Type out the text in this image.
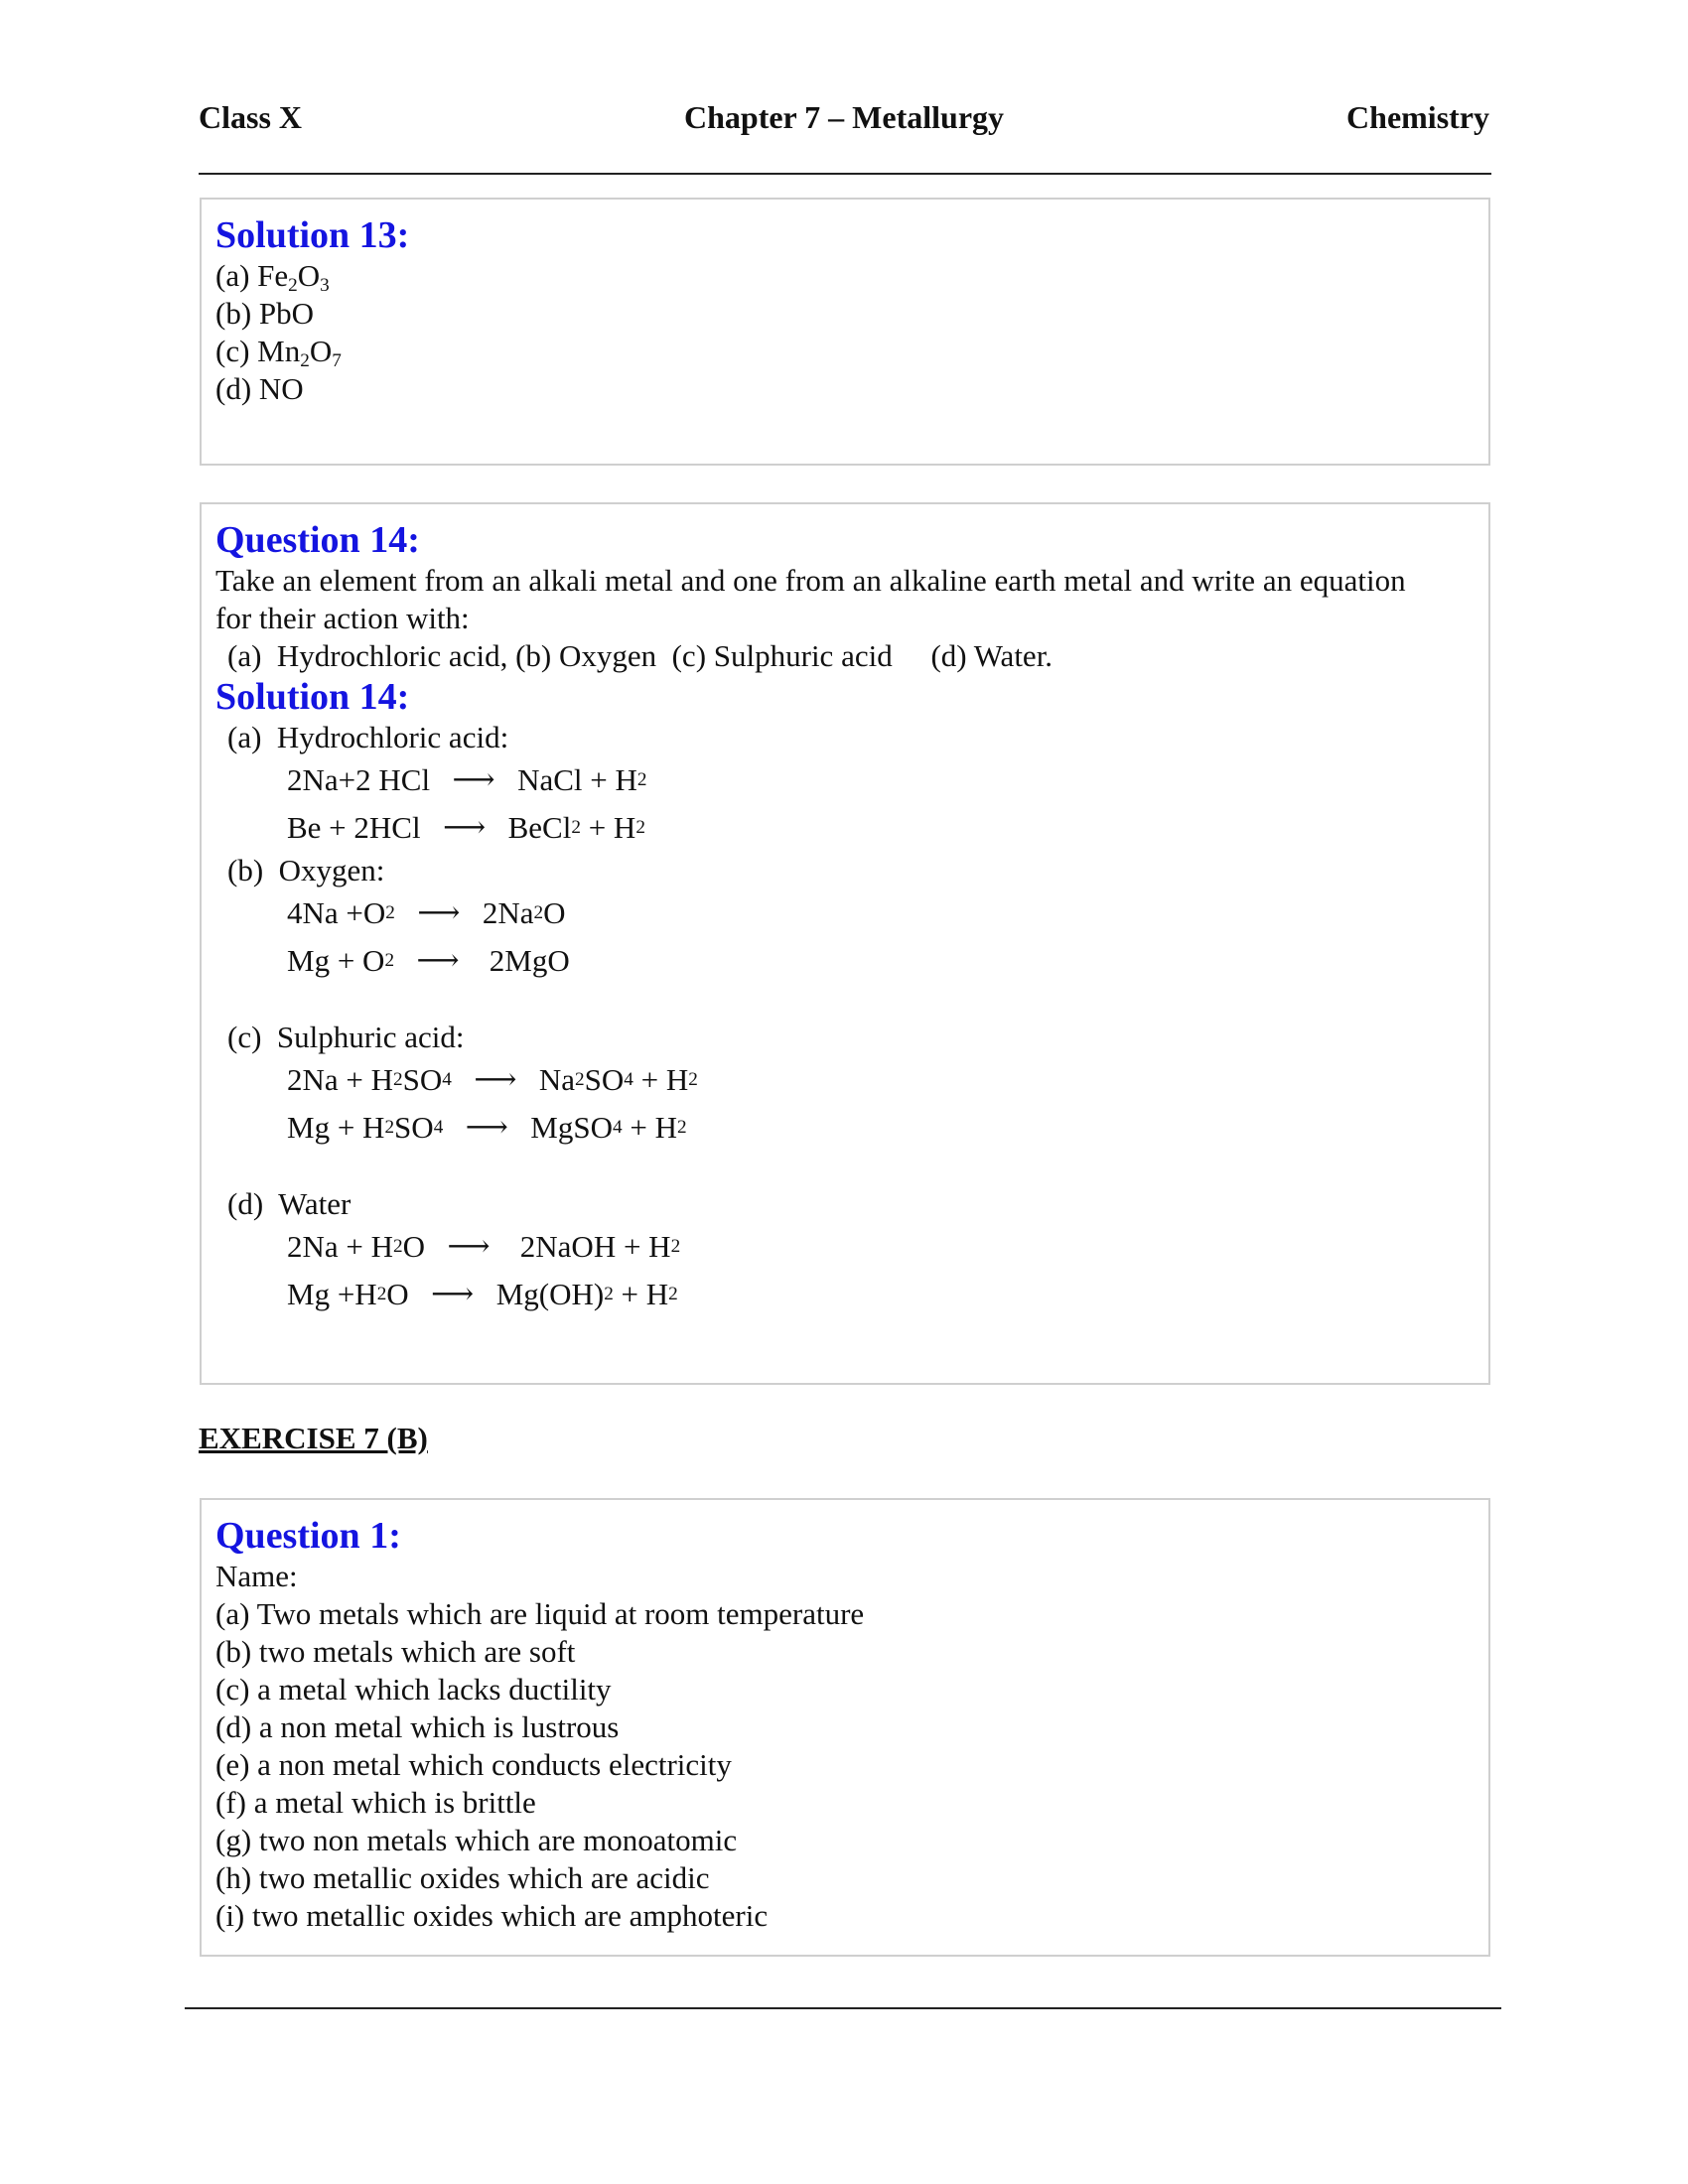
Class X	Chapter 7 – Metallurgy	Chemistry
Solution 13:
(a) $Fe_2O_3$
(b) PbO
(c) $Mn_2O_7$
(d) NO
Question 14:
Take an element from an alkali metal and one from an alkaline earth metal and write an equation
for their action with:
(a)  Hydrochloric acid, (b) Oxygen  (c) Sulphuric acid     (d) Water.
Solution 14:
(a)  Hydrochloric acid:
2Na+2 HCl ⟶ NaCl + H 2
Be + 2HCl ⟶ BeCl 2 + H 2
(b)  Oxygen:
4Na +O 2 ⟶ 2Na 2 O
Mg + O 2 ⟶ 2MgO
(c)  Sulphuric acid:
2Na + H 2 SO 4 ⟶ Na 2 SO 4 + H 2
Mg + H 2 SO 4 ⟶ MgSO 4 + H 2
(d)  Water
2Na + H 2 O ⟶ 2NaOH + H 2
Mg +H 2 O ⟶ Mg(OH) 2 + H 2
EXERCISE 7 (B)
Question 1:
Name:
(a) Two metals which are liquid at room temperature
(b) two metals which are soft
(c) a metal which lacks ductility
(d) a non metal which is lustrous
(e) a non metal which conducts electricity
(f) a metal which is brittle
(g) two non metals which are monoatomic
(h) two metallic oxides which are acidic
(i) two metallic oxides which are amphoteric
